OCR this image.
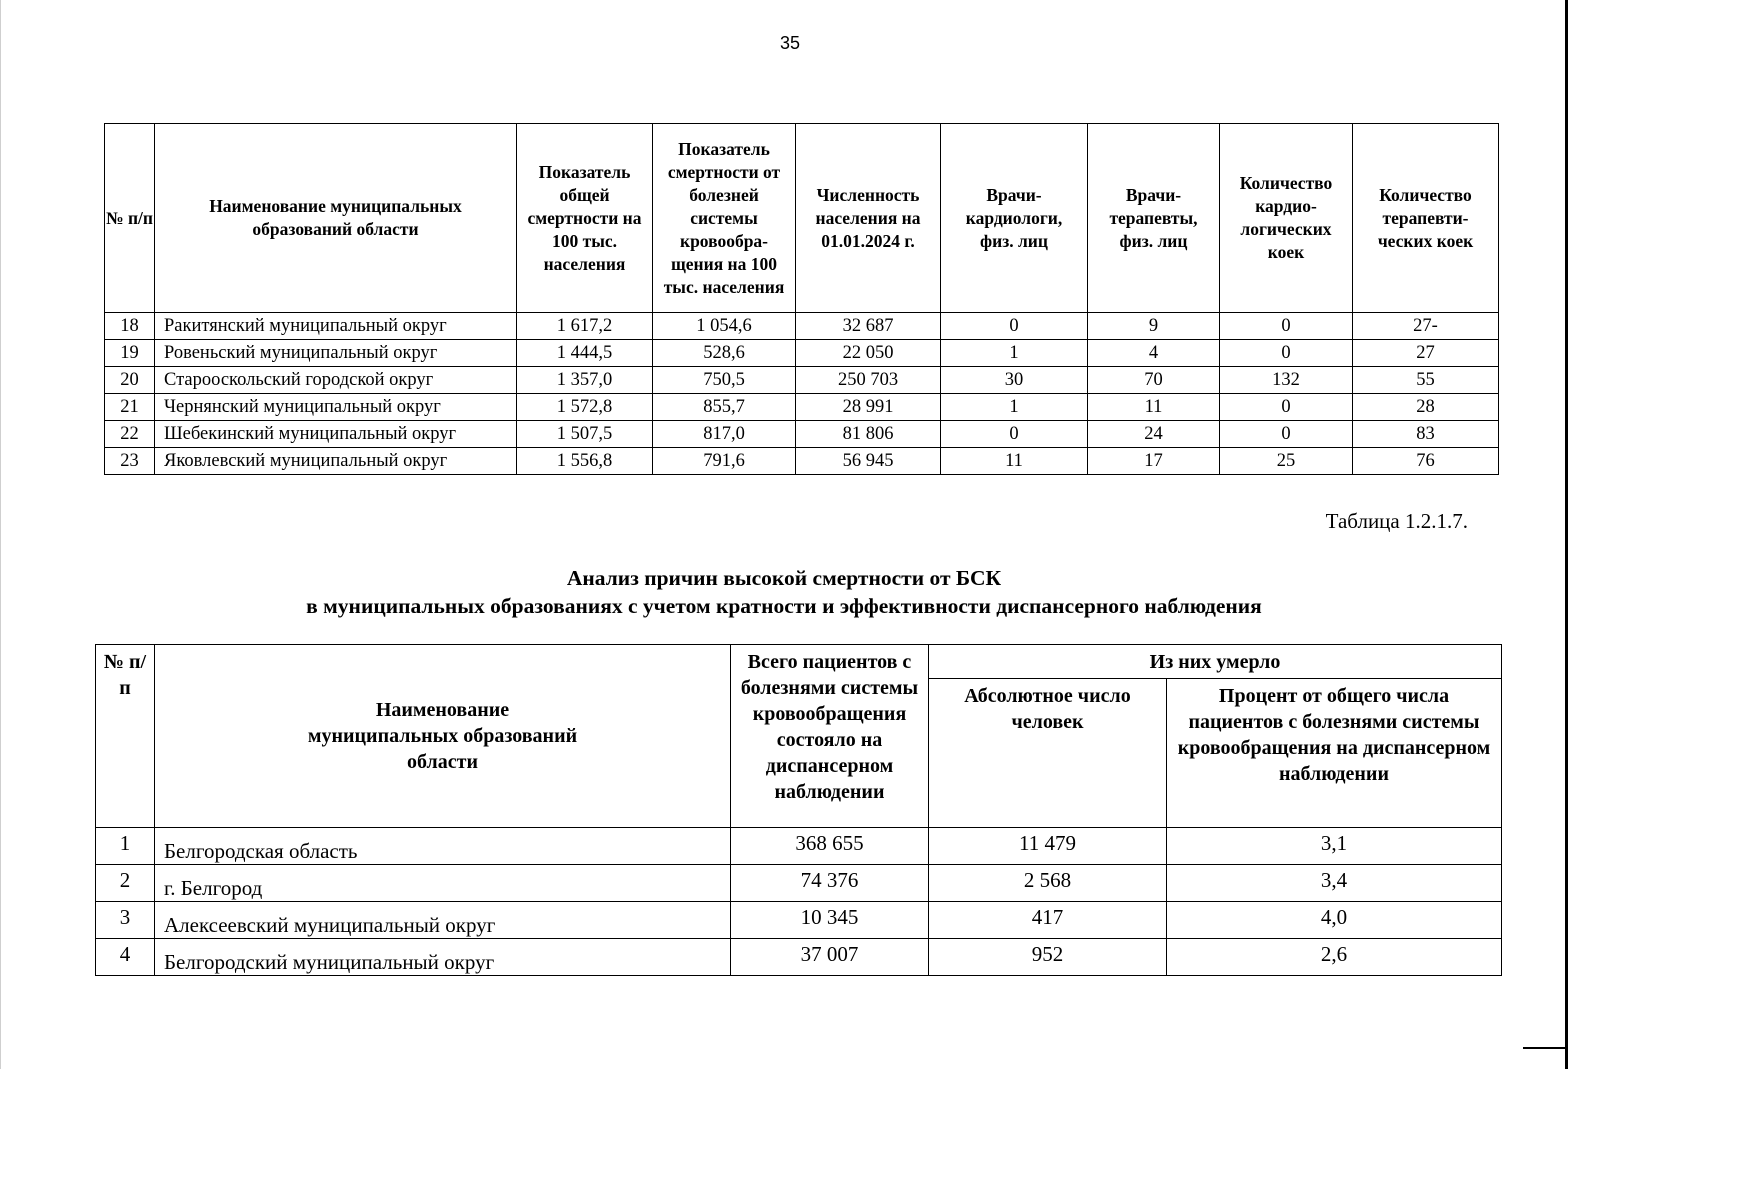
35
№ п/п	Наименование муниципальных образований области	Показатель общей смертности на 100 тыс. населения	Показатель смертности от болезней системы кровообра-щения на 100 тыс. населения	Численность населения на 01.01.2024 г.	Врачи-кардиологи, физ. лиц	Врачи-терапевты, физ. лиц	Количество кардио-логических коек	Количество терапевти-ческих коек
18	Ракитянский муниципальный округ	1 617,2	1 054,6	32 687	0	9	0	27-
19	Ровеньский муниципальный округ	1 444,5	528,6	22 050	1	4	0	27
20	Старооскольский городской округ	1 357,0	750,5	250 703	30	70	132	55
21	Чернянский муниципальный округ	1 572,8	855,7	28 991	1	11	0	28
22	Шебекинский муниципальный округ	1 507,5	817,0	81 806	0	24	0	83
23	Яковлевский муниципальный округ	1 556,8	791,6	56 945	11	17	25	76
Таблица 1.2.1.7.
Анализ причин высокой смертности от БСК
в муниципальных образованиях с учетом кратности и эффективности диспансерного наблюдения
№ п/п	Наименование муниципальных образований области	Всего пациентов с болезнями системы кровообращения состояло на диспансерном наблюдении	Из них умерло	
			Абсолютное число человек	Процент от общего числа пациентов с болезнями системы кровообращения на диспансерном наблюдении
1	Белгородская область	368 655	11 479	3,1
2	г. Белгород	74 376	2 568	3,4
3	Алексеевский муниципальный округ	10 345	417	4,0
4	Белгородский муниципальный округ	37 007	952	2,6
